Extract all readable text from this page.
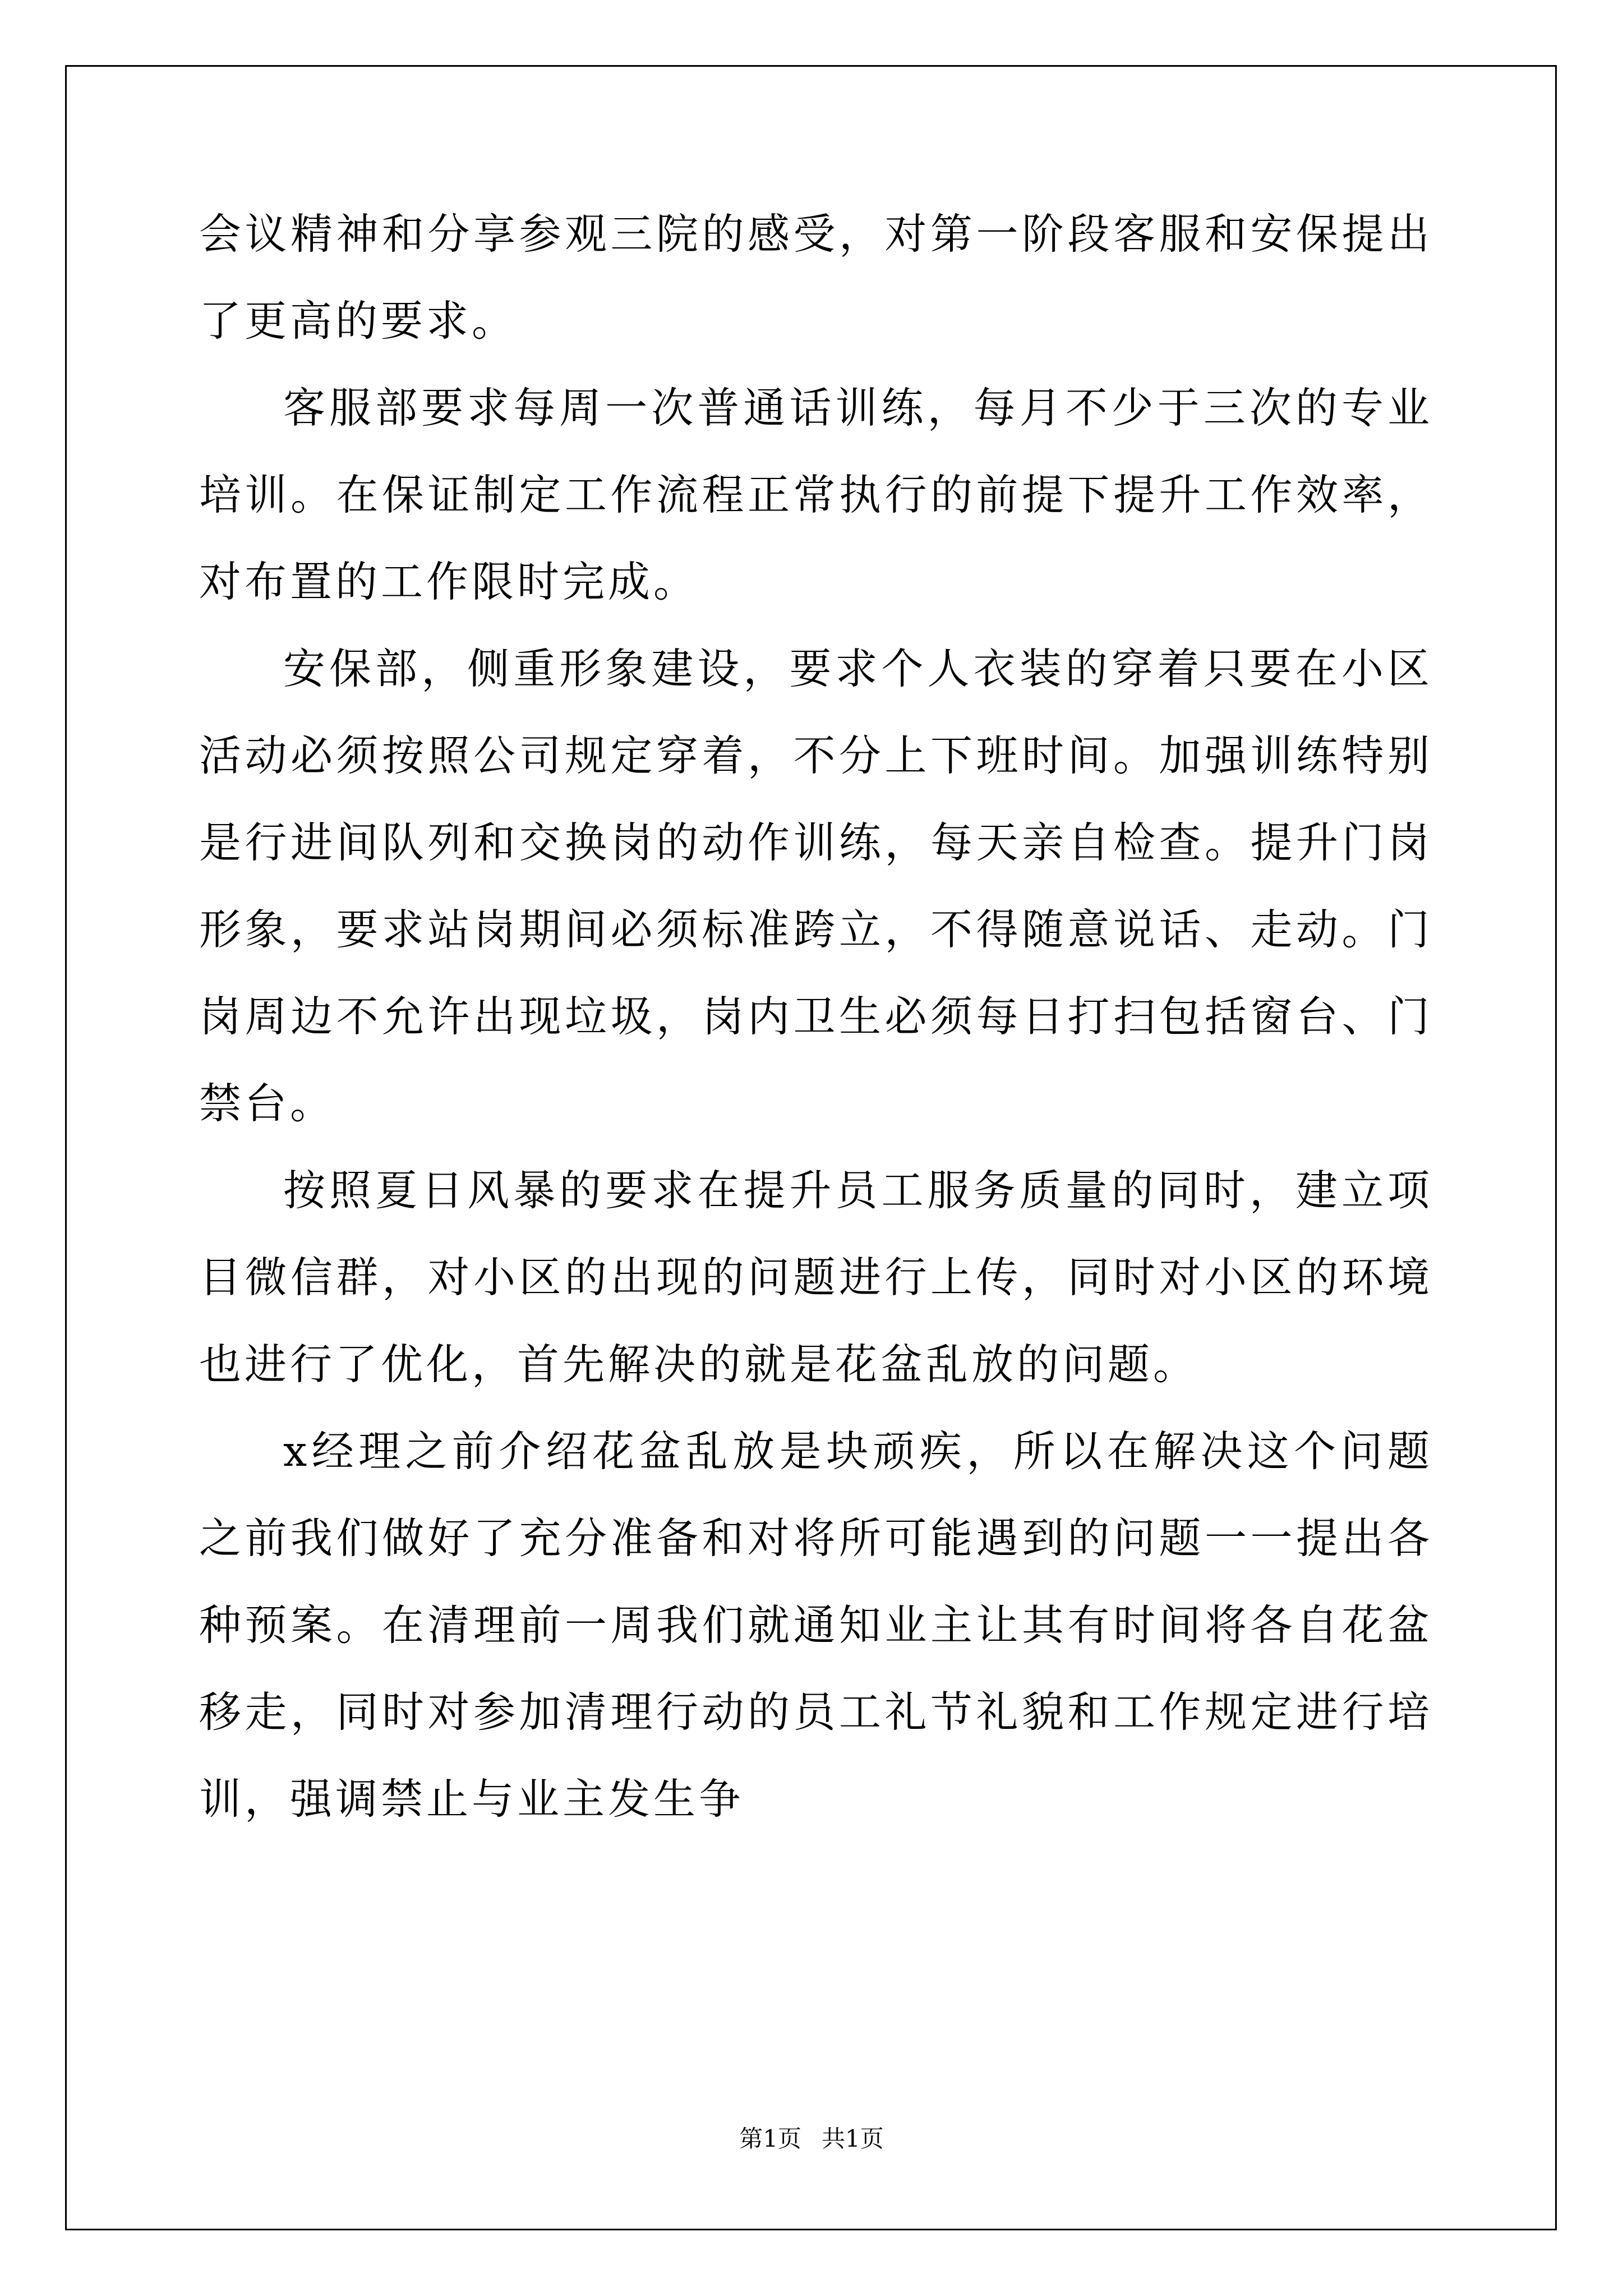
会议精神和分享参观三院的感受，对第一阶段客服和安保提出了更高的要求。

客服部要求每周一次普通话训练，每月不少于三次的专业培训。在保证制定工作流程正常执行的前提下提升工作效率，对布置的工作限时完成。

安保部，侧重形象建设，要求个人衣装的穿着只要在小区活动必须按照公司规定穿着，不分上下班时间。加强训练特别是行进间队列和交换岗的动作训练，每天亲自检查。提升门岗形象，要求站岗期间必须标准跨立，不得随意说话、走动。门岗周边不允许出现垃圾，岗内卫生必须每日打扫包括窗台、门禁台。

按照夏日风暴的要求在提升员工服务质量的同时，建立项目微信群，对小区的出现的问题进行上传，同时对小区的环境也进行了优化，首先解决的就是花盆乱放的问题。

x经理之前介绍花盆乱放是块顽疾，所以在解决这个问题之前我们做好了充分准备和对将所可能遇到的问题一一提出各种预案。在清理前一周我们就通知业主让其有时间将各自花盆移走，同时对参加清理行动的员工礼节礼貌和工作规定进行培训，强调禁止与业主发生争

第1页 共1页
